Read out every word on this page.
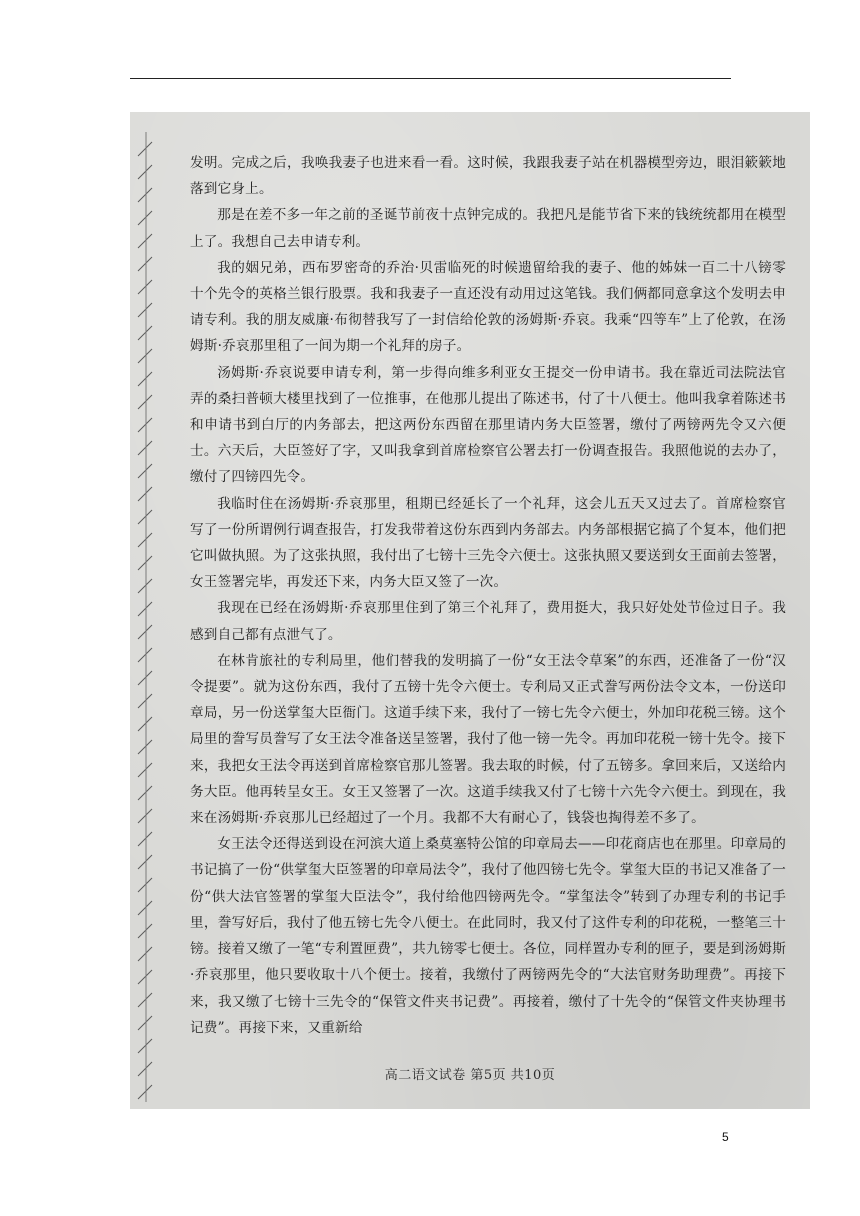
发明。完成之后，我唤我妻子也进来看一看。这时候，我跟我妻子站在机器模型旁边，眼泪簌簌地落到它身上。

那是在差不多一年之前的圣诞节前夜十点钟完成的。我把凡是能节省下来的钱统统都用在模型上了。我想自己去申请专利。

我的姻兄弟，西布罗密奇的乔治·贝雷临死的时候遗留给我的妻子、他的姊妹一百二十八镑零十个先令的英格兰银行股票。我和我妻子一直还没有动用过这笔钱。我们俩都同意拿这个发明去申请专利。我的朋友威廉·布彻替我写了一封信给伦敦的汤姆斯·乔哀。我乘“四等车”上了伦敦，在汤姆斯·乔哀那里租了一间为期一个礼拜的房子。

汤姆斯·乔哀说要申请专利，第一步得向维多利亚女王提交一份申请书。我在靠近司法院法官弄的桑扫普顿大楼里找到了一位推事，在他那儿提出了陈述书，付了十八便士。他叫我拿着陈述书和申请书到白厅的内务部去，把这两份东西留在那里请内务大臣签署，缴付了两镑两先令又六便士。六天后，大臣签好了字，又叫我拿到首席检察官公署去打一份调查报告。我照他说的去办了，缴付了四镑四先令。

我临时住在汤姆斯·乔哀那里，租期已经延长了一个礼拜，这会儿五天又过去了。首席检察官写了一份所谓例行调查报告，打发我带着这份东西到内务部去。内务部根据它搞了个复本，他们把它叫做执照。为了这张执照，我付出了七镑十三先令六便士。这张执照又要送到女王面前去签署，女王签署完毕，再发还下来，内务大臣又签了一次。

我现在已经在汤姆斯·乔哀那里住到了第三个礼拜了，费用挺大，我只好处处节俭过日子。我感到自己都有点泄气了。

在林肯旅社的专利局里，他们替我的发明搞了一份“女王法令草案”的东西，还准备了一份“汉令提要”。就为这份东西，我付了五镑十先令六便士。专利局又正式誊写两份法令文本，一份送印章局，另一份送掌玺大臣衙门。这道手续下来，我付了一镑七先令六便士，外加印花税三镑。这个局里的誊写员誊写了女王法令准备送呈签署，我付了他一镑一先令。再加印花税一镑十先令。接下来，我把女王法令再送到首席检察官那儿签署。我去取的时候，付了五镑多。拿回来后，又送给内务大臣。他再转呈女王。女王又签署了一次。这道手续我又付了七镑十六先令六便士。到现在，我来在汤姆斯·乔哀那儿已经超过了一个月。我都不大有耐心了，钱袋也掏得差不多了。

女王法令还得送到设在河滨大道上桑莫塞特公馆的印章局去——印花商店也在那里。印章局的书记搞了一份“供掌玺大臣签署的印章局法令”，我付了他四镑七先令。掌玺大臣的书记又准备了一份“供大法官签署的掌玺大臣法令”，我付给他四镑两先令。“掌玺法令”转到了办理专利的书记手里，誊写好后，我付了他五镑七先令八便士。在此同时，我又付了这件专利的印花税，一整笔三十镑。接着又缴了一笔“专利置匣费”，共九镑零七便士。各位，同样置办专利的匣子，要是到汤姆斯·乔哀那里，他只要收取十八个便士。接着，我缴付了两镑两先令的“大法官财务助理费”。再接下来，我又缴了七镑十三先令的“保管文件夹书记费”。再接着，缴付了十先令的“保管文件夹协理书记费”。再接下来，又重新给

高二语文试卷 第5页 共10页
5
